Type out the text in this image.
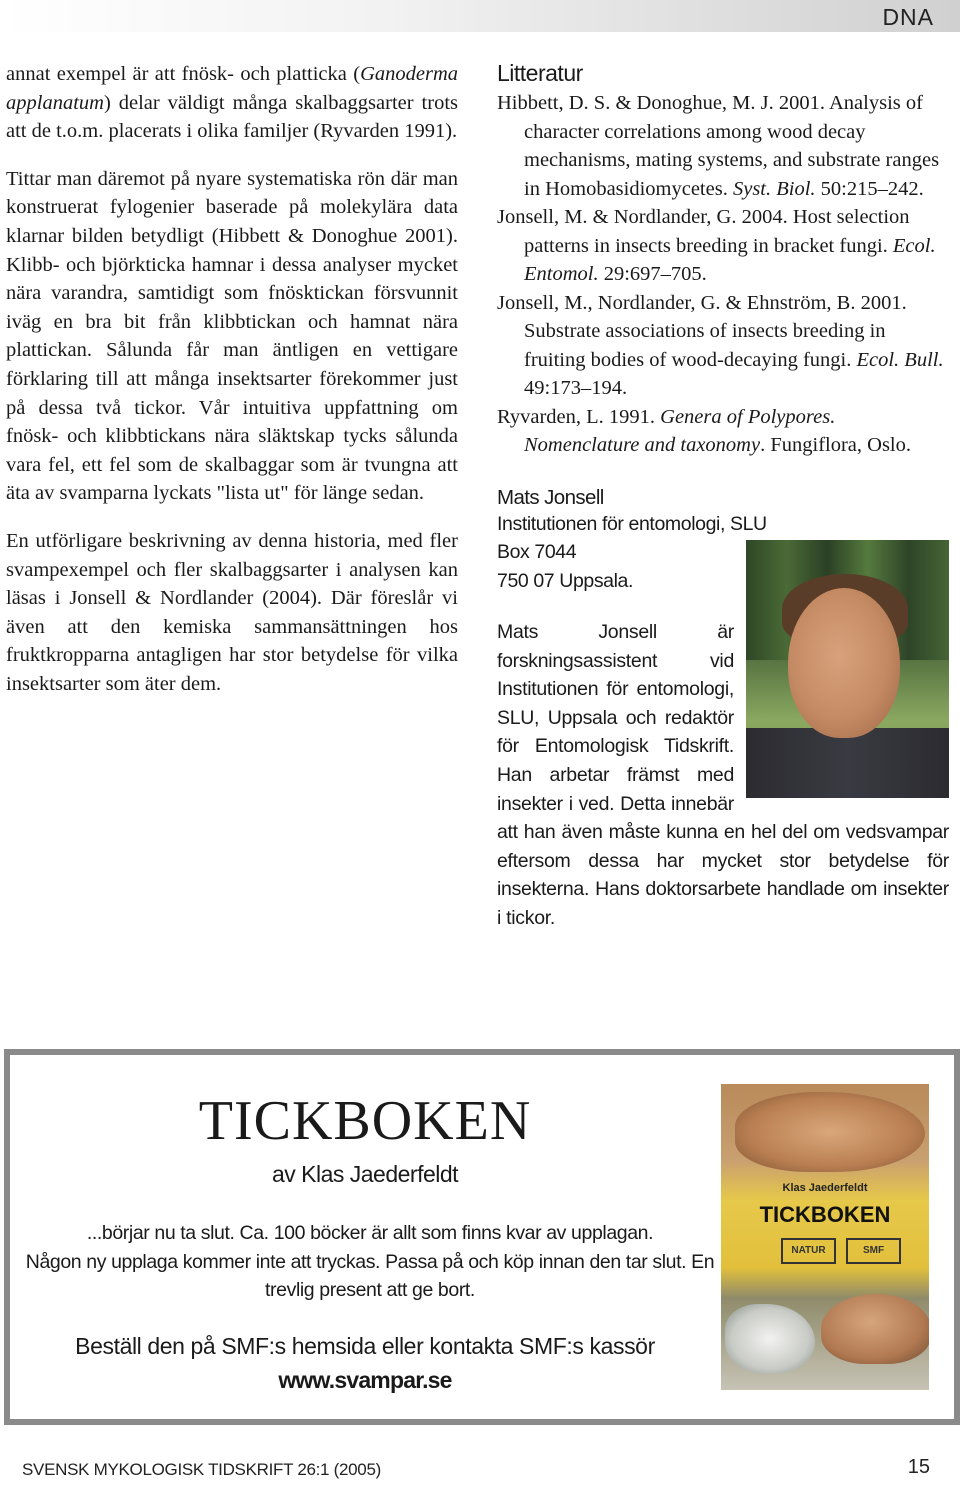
DNA

annat exempel är att fnösk- och platticka (Ganoderma applanatum) delar väldigt många skalbaggsarter trots att de t.o.m. placerats i olika familjer (Ryvarden 1991).

Tittar man däremot på nyare systematiska rön där man konstruerat fylogenier baserade på molekylära data klarnar bilden betydligt (Hibbett & Donoghue 2001). Klibb- och björkticka hamnar i dessa analyser mycket nära varandra, samtidigt som fnösktickan försvunnit iväg en bra bit från klibbtickan och hamnat nära plattickan. Sålunda får man äntligen en vettigare förklaring till att många insektsarter förekommer just på dessa två tickor. Vår intuitiva uppfattning om fnösk- och klibbtickans nära släktskap tycks sålunda vara fel, ett fel som de skalbaggar som är tvungna att äta av svamparna lyckats "lista ut" för länge sedan.

En utförligare beskrivning av denna historia, med fler svampexempel och fler skalbaggsarter i analysen kan läsas i Jonsell & Nordlander (2004). Där föreslår vi även att den kemiska sammansättningen hos fruktkropparna antagligen har stor betydelse för vilka insektsarter som äter dem.

Litteratur
Hibbett, D. S. & Donoghue, M. J. 2001. Analysis of character correlations among wood decay mechanisms, mating systems, and substrate ranges in Homobasidiomycetes. Syst. Biol. 50:215–242.
Jonsell, M. & Nordlander, G. 2004. Host selection patterns in insects breeding in bracket fungi. Ecol. Entomol. 29:697–705.
Jonsell, M., Nordlander, G. & Ehnström, B. 2001. Substrate associations of insects breeding in fruiting bodies of wood-decaying fungi. Ecol. Bull. 49:173–194.
Ryvarden, L. 1991. Genera of Polypores. Nomenclature and taxonomy. Fungiflora, Oslo.
Mats Jonsell
Institutionen för entomologi, SLU
Box 7044
750 07 Uppsala.
Mats Jonsell är forskningsassistent vid Institutionen för entomologi, SLU, Uppsala och redaktör för Entomologisk Tidskrift. Han arbetar främst med insekter i ved. Detta innebär att han även måste kunna en hel del om vedsvampar eftersom dessa har mycket stor betydelse för insekterna. Hans doktorsarbete handlade om insekter i tickor.
TICKBOKEN
av Klas Jaederfeldt
...börjar nu ta slut. Ca. 100 böcker är allt som finns kvar av upplagan.
Någon ny upplaga kommer inte att tryckas. Passa på och köp innan den tar slut. En trevlig present att ge bort.
Beställ den på SMF:s hemsida eller kontakta SMF:s kassör
www.svampar.se
Klas Jaederfeldt
TICKBOKEN
NATUR	SMF
SVENSK MYKOLOGISK TIDSKRIFT 26:1 (2005)	15
